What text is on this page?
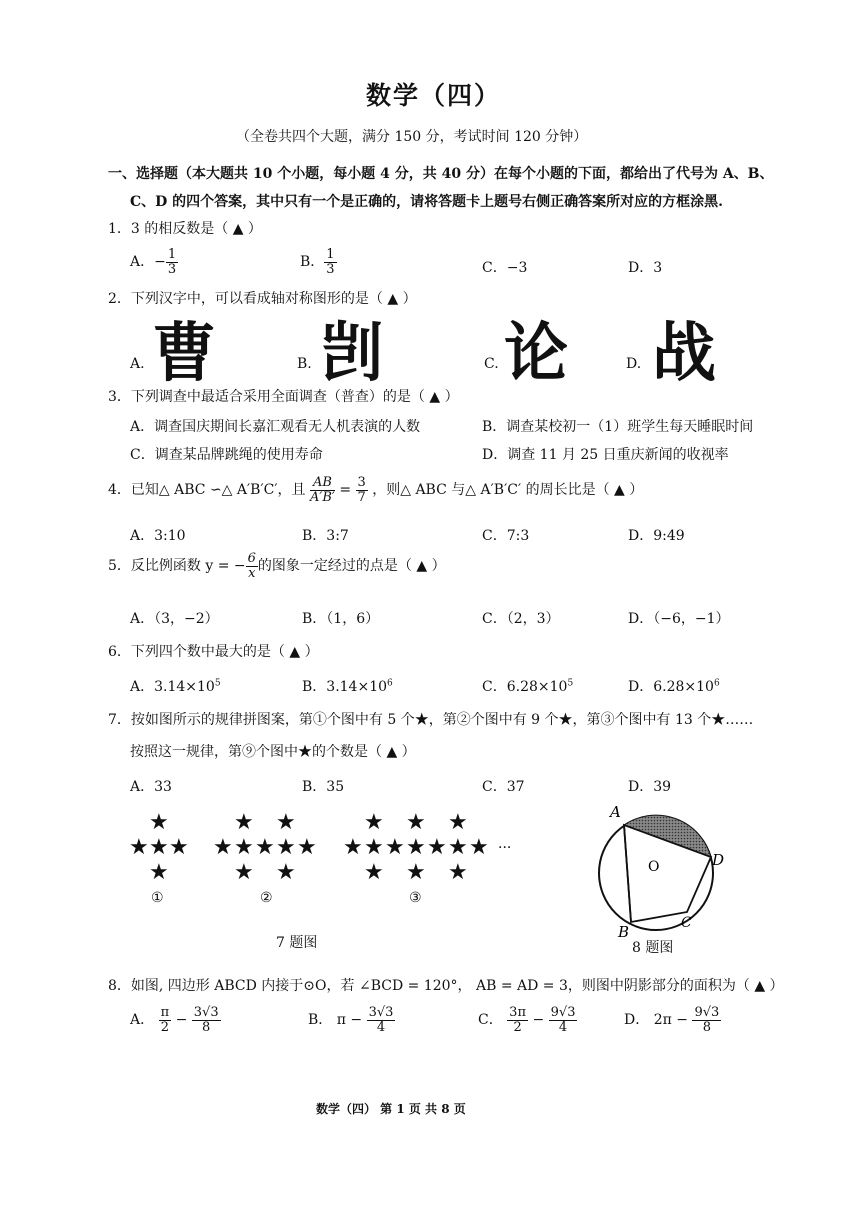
数学（四）
（全卷共四个大题，满分 150 分，考试时间 120 分钟）
一、选择题（本大题共 10 个小题，每小题 4 分，共 40 分）在每个小题的下面，都给出了代号为 A、B、
C、D 的四个答案，其中只有一个是正确的，请将答题卡上题号右侧正确答案所对应的方框涂黑.
1．3 的相反数是（ ▲ ）
A．− $\frac{1}{3}$	B． $\frac{1}{3}$	C．−3	D．3
2．下列汉字中，可以看成轴对称图形的是（ ▲ ）
A. 曹	B. 剀	C. 论	D. 战
3．下列调查中最适合采用全面调查（普查）的是（ ▲ ）
A．调查国庆期间长嘉汇观看无人机表演的人数	B．调查某校初一（1）班学生每天睡眠时间
C．调查某品牌跳绳的使用寿命	D．调查 11 月 25 日重庆新闻的收视率
4．已知△ ABC ∽△ A′B′C′，且 $\frac{AB}{A'B'} = \frac{3}{7}$ ，则△ ABC 与△ A′B′C′ 的周长比是（ ▲ ）
A．3:10	B．3:7	C．7:3	D．9:49
5．反比例函数 y = − $\frac{6}{x}$ 的图象一定经过的点是（ ▲ ）
A．（3，−2）	B．（1，6）	C．（2，3）	D．（−6，−1）
6．下列四个数中最大的是（ ▲ ）
A．$3.14\times 10^5$	B．$3.14\times 10^6$	C．$6.28\times 10^5$	D．$6.28\times 10^6$
7．按如图所示的规律拼图案，第①个图中有 5 个★，第②个图中有 9 个★，第③个图中有 13 个★……
按照这一规律，第⑨个图中★的个数是（ ▲ ）
A．33	B．35	C．37	D．39
★
★ ★ ★
★
★ ★
★ ★ ★ ★ ★
★ ★
★ ★ ★
★ ★ ★ ★ ★ ★ ★
★ ★ ★
···
①	②	③
7 题图
A
D
C
B
O
8 题图
8．如图, 四边形 ABCD 内接于⊙O，若 ∠BCD = 120°， AB = AD = 3，则图中阴影部分的面积为（ ▲ ）
A． $\frac{\pi}{2} - \frac{3√3}{8}$	B． $\pi - \frac{3√3}{4}$	C． $\frac{3\pi}{2} - \frac{9√3}{4}$	D． $2\pi - \frac{9√3}{8}$
数学（四） 第 1 页 共 8 页
